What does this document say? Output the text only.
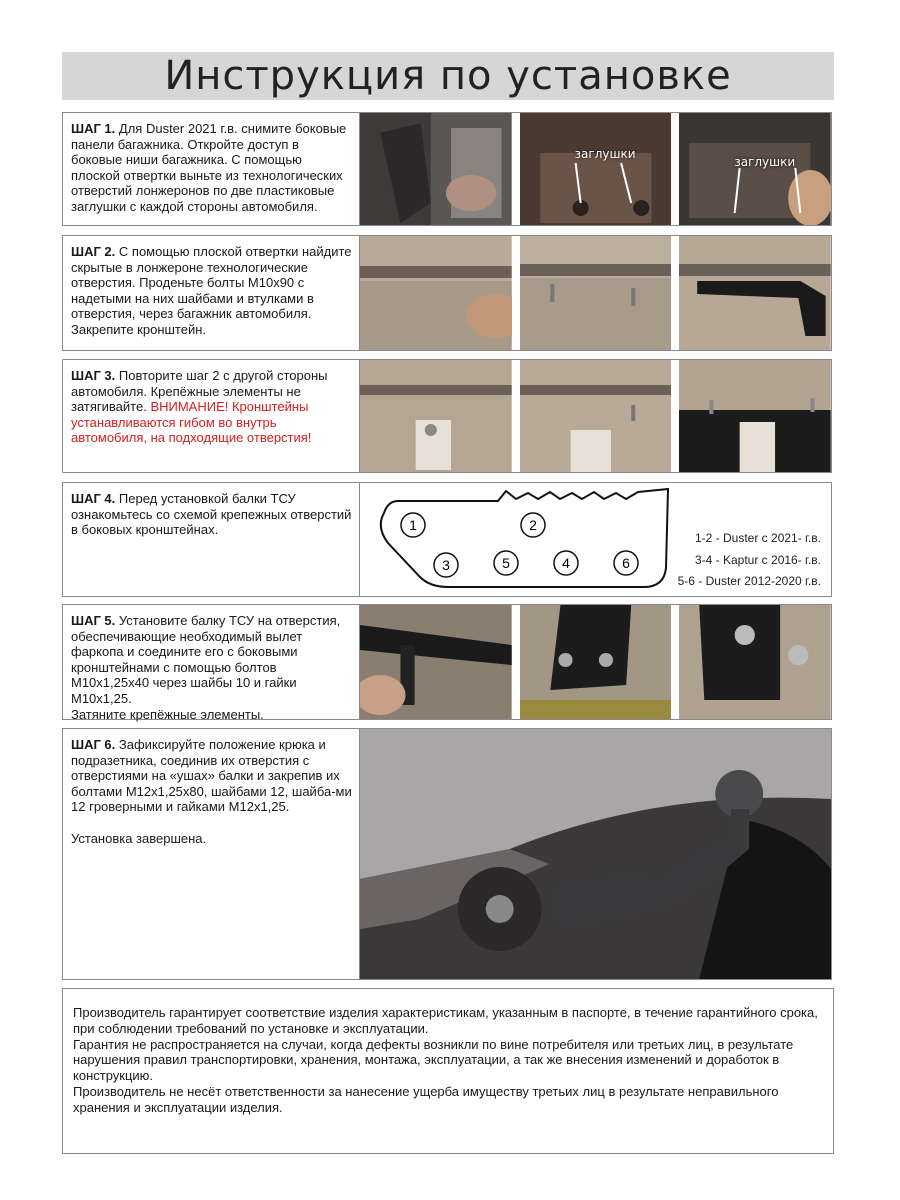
Инструкция по установке
ШАГ 1. Для Duster 2021 г.в. снимите боковые панели багажника. Откройте доступ в боковые ниши багажника. С помощью плоской отвертки выньте из технологических отверстий лонжеронов по две пластиковые заглушки с каждой стороны автомобиля.
заглушки
заглушки
ШАГ 2. С помощью плоской отвертки найдите скрытые в лонжероне технологические отверстия. Проденьте болты M10x90 с надетыми на них шайбами и втулками в отверстия, через багажник автомобиля. Закрепите кронштейн.
ШАГ 3. Повторите шаг 2 с другой стороны автомобиля. Крепёжные элементы не затягивайте. ВНИМАНИЕ! Кронштейны устанавливаются гибом во внутрь автомобиля, на подходящие отверстия!
ШАГ 4. Перед установкой балки ТСУ ознакомьтесь со схемой крепежных отверстий в боковых кронштейнах.	1	2
3	5	4	6
1-2 - Duster с 2021- г.в.
3-4 - Kaptur с 2016- г.в.
5-6 - Duster 2012-2020 г.в.
ШАГ 5. Установите балку ТСУ на отверстия, обеспечивающие необходимый вылет фаркопа и соедините его с боковыми кронштейнами с помощью болтов М10х1,25х40 через шайбы 10 и гайки М10х1,25.
Затяните крепёжные элементы.
ШАГ 6. Зафиксируйте положение крюка и подразетника, соединив их отверстия с отверстиями на «ушах» балки и закрепив их болтами М12х1,25х80, шайбами 12, шайба-ми 12 гроверными и гайками М12х1,25.

Установка завершена.

Производитель гарантирует соответствие изделия характеристикам, указанным в паспорте, в течение гарантийного срока, при соблюдении требований по установке и эксплуатации.

Гарантия не распространяется на случаи, когда дефекты возникли по вине потребителя или третьих лиц, в результате нарушения правил транспортировки, хранения, монтажа, эксплуатации, а так же внесения изменений и доработок в конструкцию.

Производитель не несёт ответственности за нанесение ущерба имуществу третьих лиц в результате неправильного хранения и эксплуатации изделия.
